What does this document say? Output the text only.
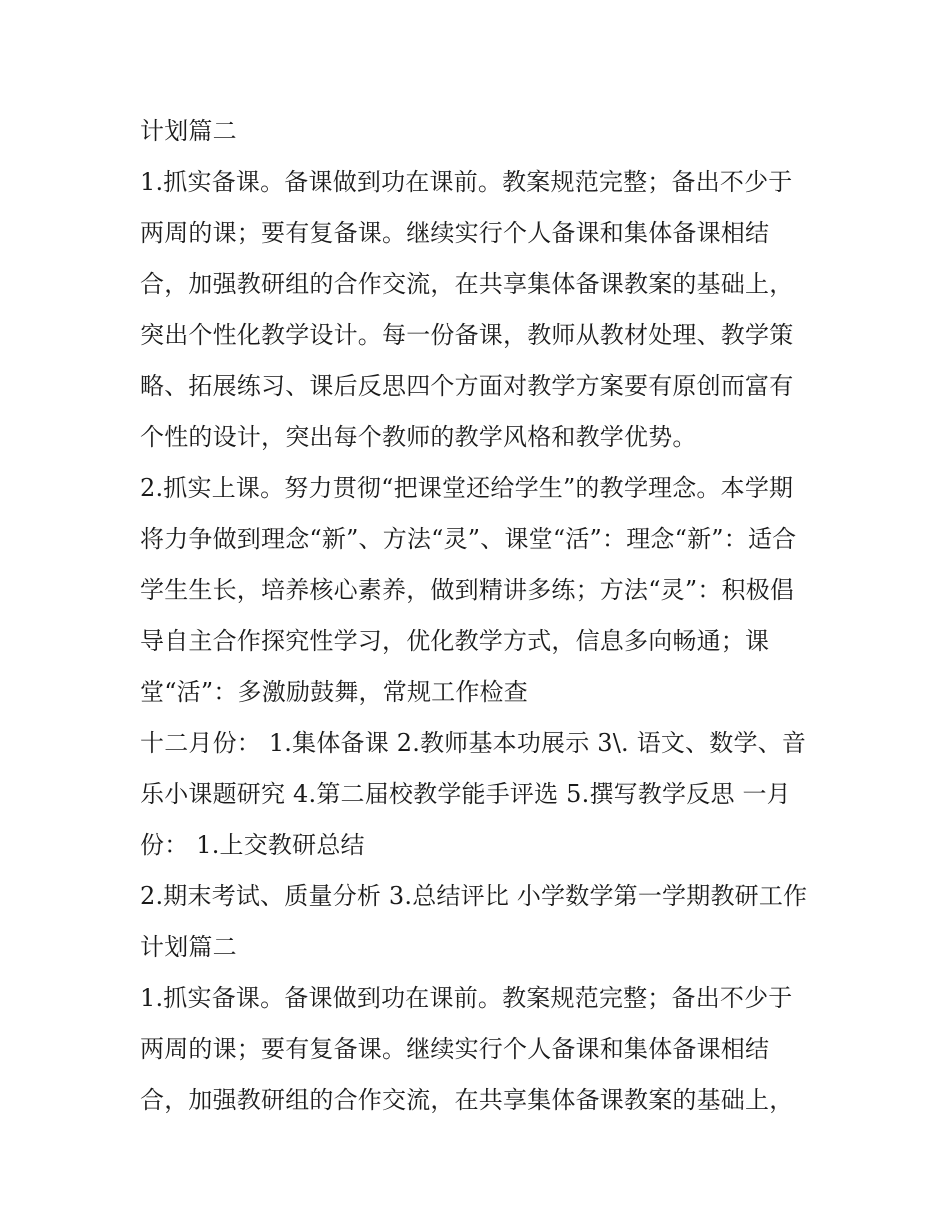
计划篇二
1.抓实备课。备课做到功在课前。教案规范完整；备出不少于
两周的课；要有复备课。继续实行个人备课和集体备课相结
合，加强教研组的合作交流，在共享集体备课教案的基础上，
突出个性化教学设计。每一份备课，教师从教材处理、教学策
略、拓展练习、课后反思四个方面对教学方案要有原创而富有
个性的设计，突出每个教师的教学风格和教学优势。
2.抓实上课。努力贯彻“把课堂还给学生”的教学理念。本学期
将力争做到理念“新”、方法“灵”、课堂“活”：理念“新”：适合
学生生长，培养核心素养，做到精讲多练；方法“灵”：积极倡
导自主合作探究性学习，优化教学方式，信息多向畅通；课
堂“活”：多激励鼓舞，常规工作检查
十二月份： 1.集体备课 2.教师基本功展示 3\. 语文、数学、音
乐小课题研究 4.第二届校教学能手评选 5.撰写教学反思 一月
份： 1.上交教研总结
2.期末考试、质量分析 3.总结评比 小学数学第一学期教研工作
计划篇二
1.抓实备课。备课做到功在课前。教案规范完整；备出不少于
两周的课；要有复备课。继续实行个人备课和集体备课相结
合，加强教研组的合作交流，在共享集体备课教案的基础上，
